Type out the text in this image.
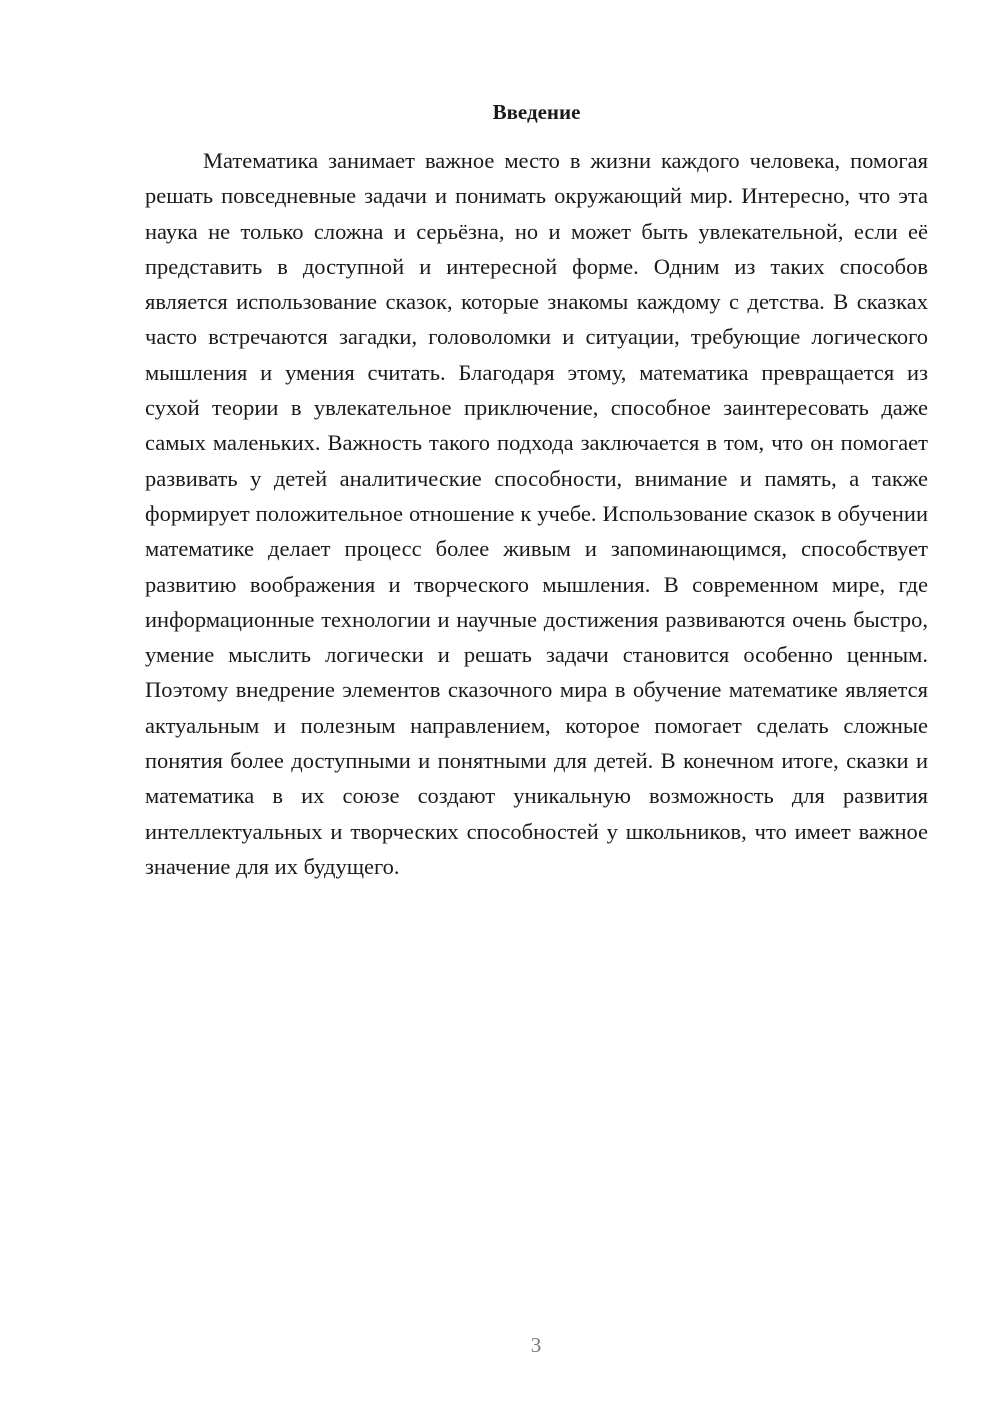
Введение

Математика занимает важное место в жизни каждого человека, помогая решать повседневные задачи и понимать окружающий мир. Интересно, что эта наука не только сложна и серьёзна, но и может быть увлекательной, если её представить в доступной и интересной форме. Одним из таких способов является использование сказок, которые знакомы каждому с детства. В сказках часто встречаются загадки, головоломки и ситуации, требующие логического мышления и умения считать. Благодаря этому, математика превращается из сухой теории в увлекательное приключение, способное заинтересовать даже самых маленьких. Важность такого подхода заключается в том, что он помогает развивать у детей аналитические способности, внимание и память, а также формирует положительное отношение к учебе. Использование сказок в обучении математике делает процесс более живым и запоминающимся, способствует развитию воображения и творческого мышления. В современном мире, где информационные технологии и научные достижения развиваются очень быстро, умение мыслить логически и решать задачи становится особенно ценным. Поэтому внедрение элементов сказочного мира в обучение математике является актуальным и полезным направлением, которое помогает сделать сложные понятия более доступными и понятными для детей. В конечном итоге, сказки и математика в их союзе создают уникальную возможность для развития интеллектуальных и творческих способностей у школьников, что имеет важное значение для их будущего.

3
